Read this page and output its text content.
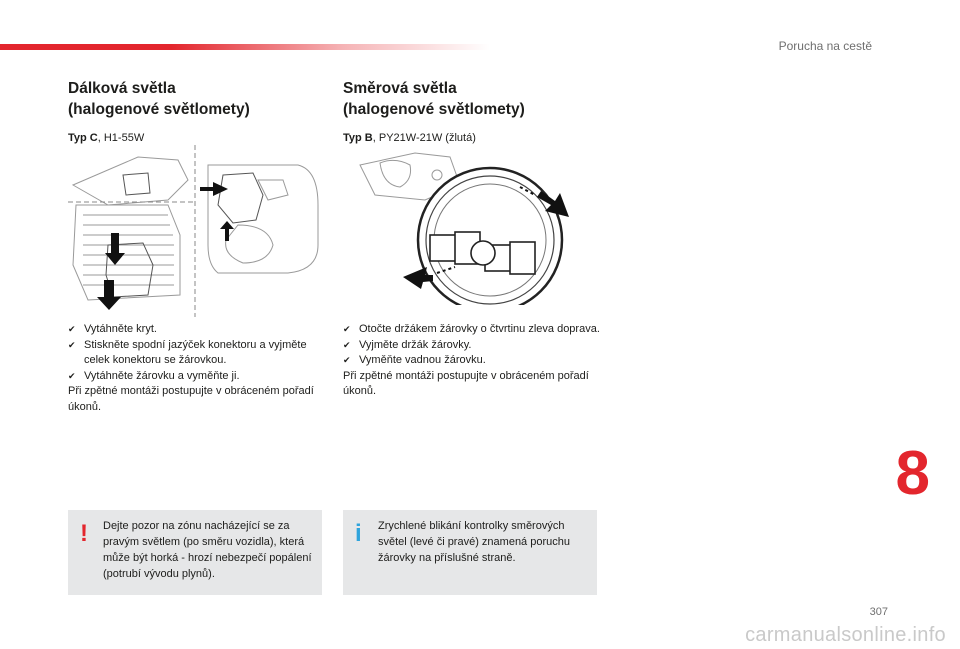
Porucha na cestě
Dálková světla
(halogenové světlomety)
Typ C, H1-55W
✔ Vytáhněte kryt.
✔ Stiskněte spodní jazýček konektoru a vyjměte celek konektoru se žárovkou.
✔ Vytáhněte žárovku a vyměňte ji.
Při zpětné montáži postupujte v obráceném pořadí úkonů.
Směrová světla
(halogenové světlomety)
Typ B, PY21W-21W (žlutá)
✔ Otočte držákem žárovky o čtvrtinu zleva doprava.
✔ Vyjměte držák žárovky.
✔ Vyměňte vadnou žárovku.
Při zpětné montáži postupujte v obráceném pořadí úkonů.
! Dejte pozor na zónu nacházející se za pravým světlem (po směru vozidla), která může být horká - hrozí nebezpečí popálení (potrubí vývodu plynů).
i Zrychlené blikání kontrolky směrových světel (levé či pravé) znamená poruchu žárovky na příslušné straně.
8
307
carmanualsonline.info
